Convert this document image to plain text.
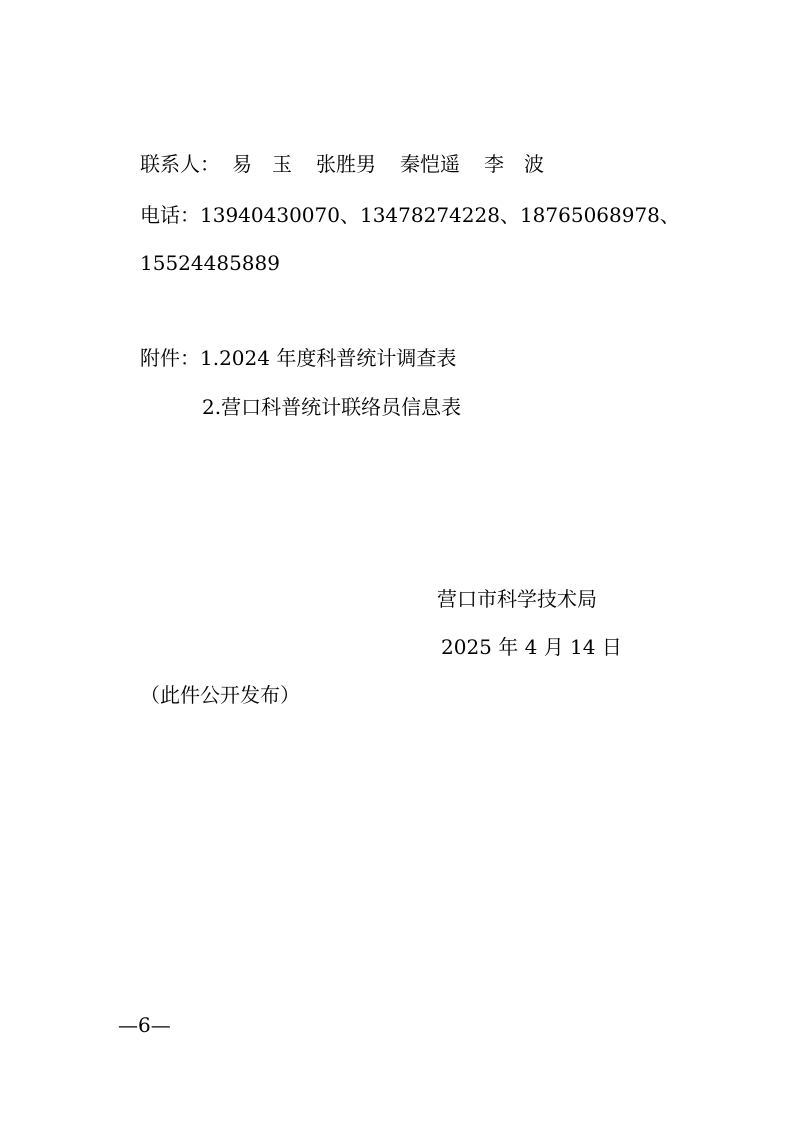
联系人： 易　玉 张胜男 秦恺遥 李　波
电话：13940430070、13478274228、18765068978、
15524485889
附件：1.2024 年度科普统计调查表
2.营口科普统计联络员信息表
营口市科学技术局
2025 年 4 月 14 日
（此件公开发布）
—6—
